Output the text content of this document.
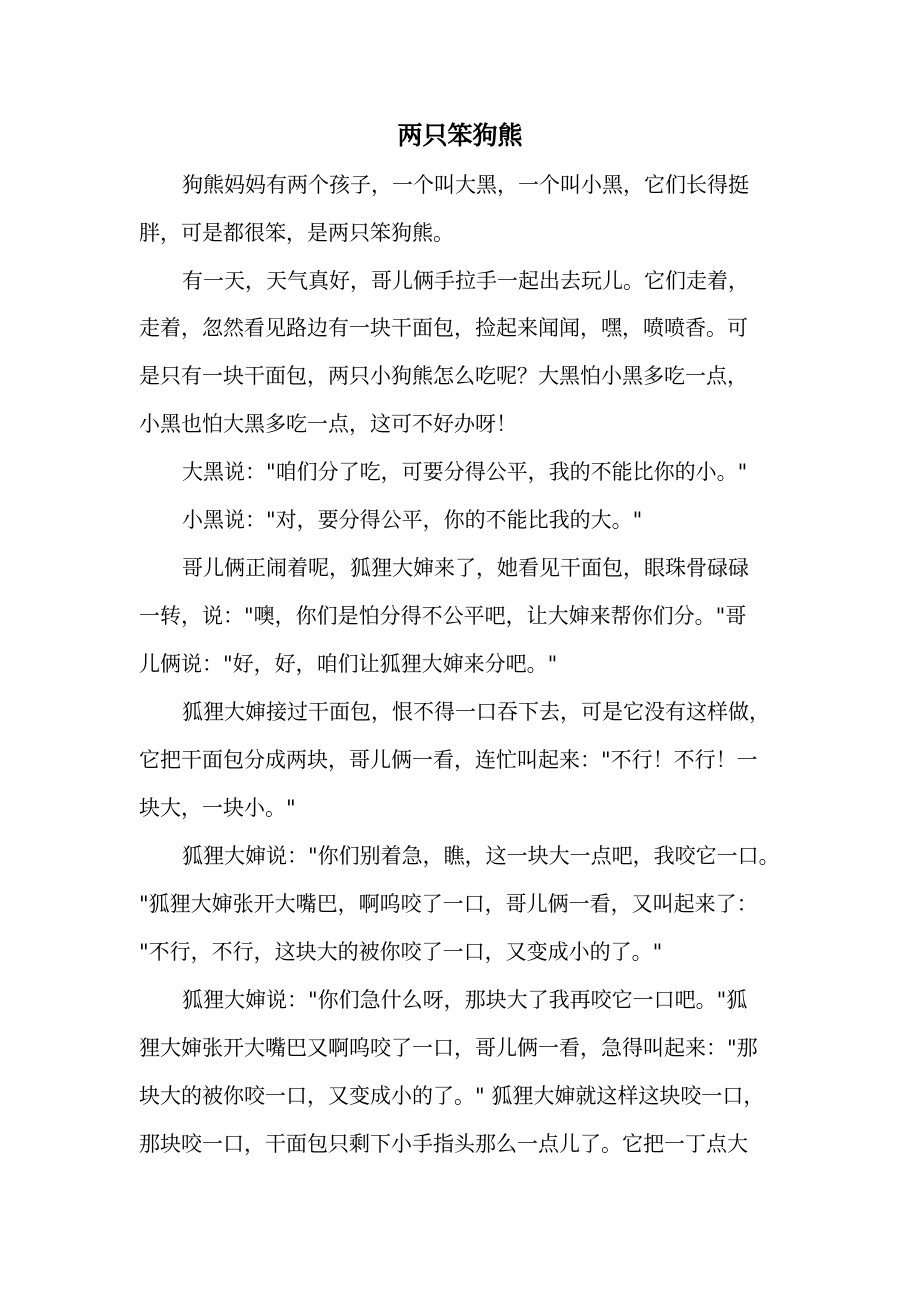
两只笨狗熊

狗熊妈妈有两个孩子，一个叫大黑，一个叫小黑，它们长得挺

胖，可是都很笨，是两只笨狗熊。

有一天，天气真好，哥儿俩手拉手一起出去玩儿。它们走着，

走着，忽然看见路边有一块干面包，捡起来闻闻，嘿，喷喷香。可

是只有一块干面包，两只小狗熊怎么吃呢？大黑怕小黑多吃一点，

小黑也怕大黑多吃一点，这可不好办呀！

大黑说："咱们分了吃，可要分得公平，我的不能比你的小。"

小黑说："对，要分得公平，你的不能比我的大。"

哥儿俩正闹着呢，狐狸大婶来了，她看见干面包，眼珠骨碌碌

一转，说："噢，你们是怕分得不公平吧，让大婶来帮你们分。"哥

儿俩说："好，好，咱们让狐狸大婶来分吧。"

狐狸大婶接过干面包，恨不得一口吞下去，可是它没有这样做，

它把干面包分成两块，哥儿俩一看，连忙叫起来："不行！不行！一

块大，一块小。"

狐狸大婶说："你们别着急，瞧，这一块大一点吧，我咬它一口。

"狐狸大婶张开大嘴巴，啊呜咬了一口，哥儿俩一看，又叫起来了：

"不行，不行，这块大的被你咬了一口，又变成小的了。"

狐狸大婶说："你们急什么呀，那块大了我再咬它一口吧。"狐

狸大婶张开大嘴巴又啊呜咬了一口，哥儿俩一看，急得叫起来："那

块大的被你咬一口，又变成小的了。" 狐狸大婶就这样这块咬一口，

那块咬一口，干面包只剩下小手指头那么一点儿了。它把一丁点大
